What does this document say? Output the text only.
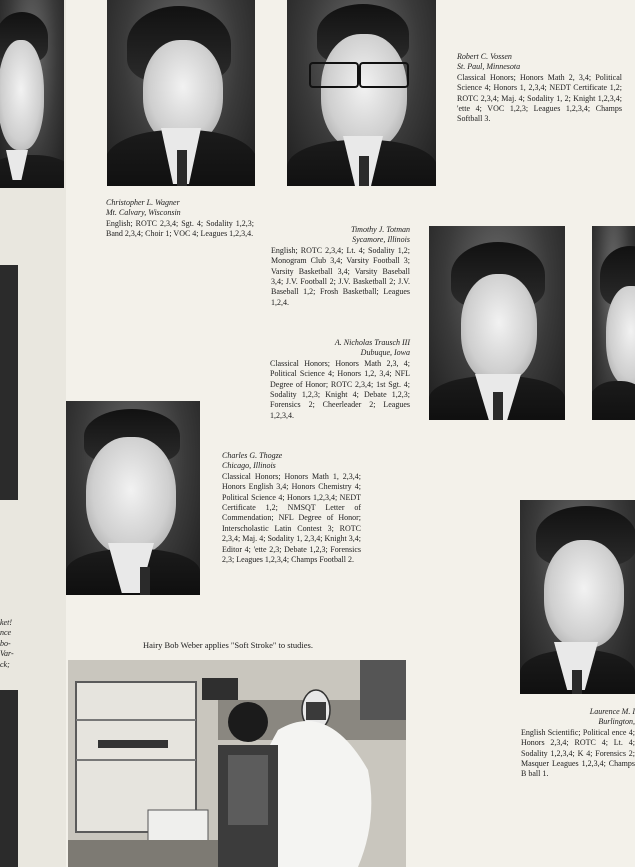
Robert C. Vossen
St. Paul, Minnesota
Classical Honors; Honors Math 2, 3,4; Political Science 4; Honors 1, 2,3,4; NEDT Certificate 1,2; ROTC 2,3,4; Maj. 4; Sodality 1, 2; Knight 1,2,3,4; 'ette 4; VOC 1,2,3; Leagues 1,2,3,4; Champs Softball 3.
Christopher L. Wagner
Mt. Calvary, Wisconsin
English; ROTC 2,3,4; Sgt. 4; Sodality 1,2,3; Band 2,3,4; Choir 1; VOC 4; Leagues 1,2,3,4.	Timothy J. Totman
Sycamore, Illinois
English; ROTC 2,3,4; Lt. 4; Sodality 1,2; Monogram Club 3,4; Varsity Football 3; Varsity Basketball 3,4; Varsity Baseball 3,4; J.V. Football 2; J.V. Basketball 2; J.V. Baseball 1,2; Frosh Basketball; Leagues 1,2,4.
A. Nicholas Trausch III
Dubuque, Iowa
Classical Honors; Honors Math 2,3, 4; Political Science 4; Honors 1,2, 3,4; NFL Degree of Honor; ROTC 2,3,4; 1st Sgt. 4; Sodality 1,2,3; Knight 4; Debate 1,2,3; Forensics 2; Cheerleader 2; Leagues 1,2,3,4.
Charles G. Thogze
Chicago, Illinois
Classical Honors; Honors Math 1, 2,3,4; Honors English 3,4; Honors Chemistry 4; Political Science 4; Honors 1,2,3,4; NEDT Certificate 1,2; NMSQT Letter of Commendation; NFL Degree of Honor; Interscholastic Latin Contest 3; ROTC 2,3,4; Maj. 4; Sodality 1, 2,3,4; Knight 3,4; Editor 4; 'ette 2,3; Debate 1,2,3; Forensics 2,3; Leagues 1,2,3,4; Champs Football 2.
Laurence M. I
Burlington,
English Scientific; Political ence 4; Honors 2,3,4; ROTC 4; Lt. 4; Sodality 1,2,3,4; K 4; Forensics 2; Masquer Leagues 1,2,3,4; Champs B ball 1.
ket!
nce
bo-
Var-
ck;
Hairy Bob Weber applies "Soft Stroke" to studies.
